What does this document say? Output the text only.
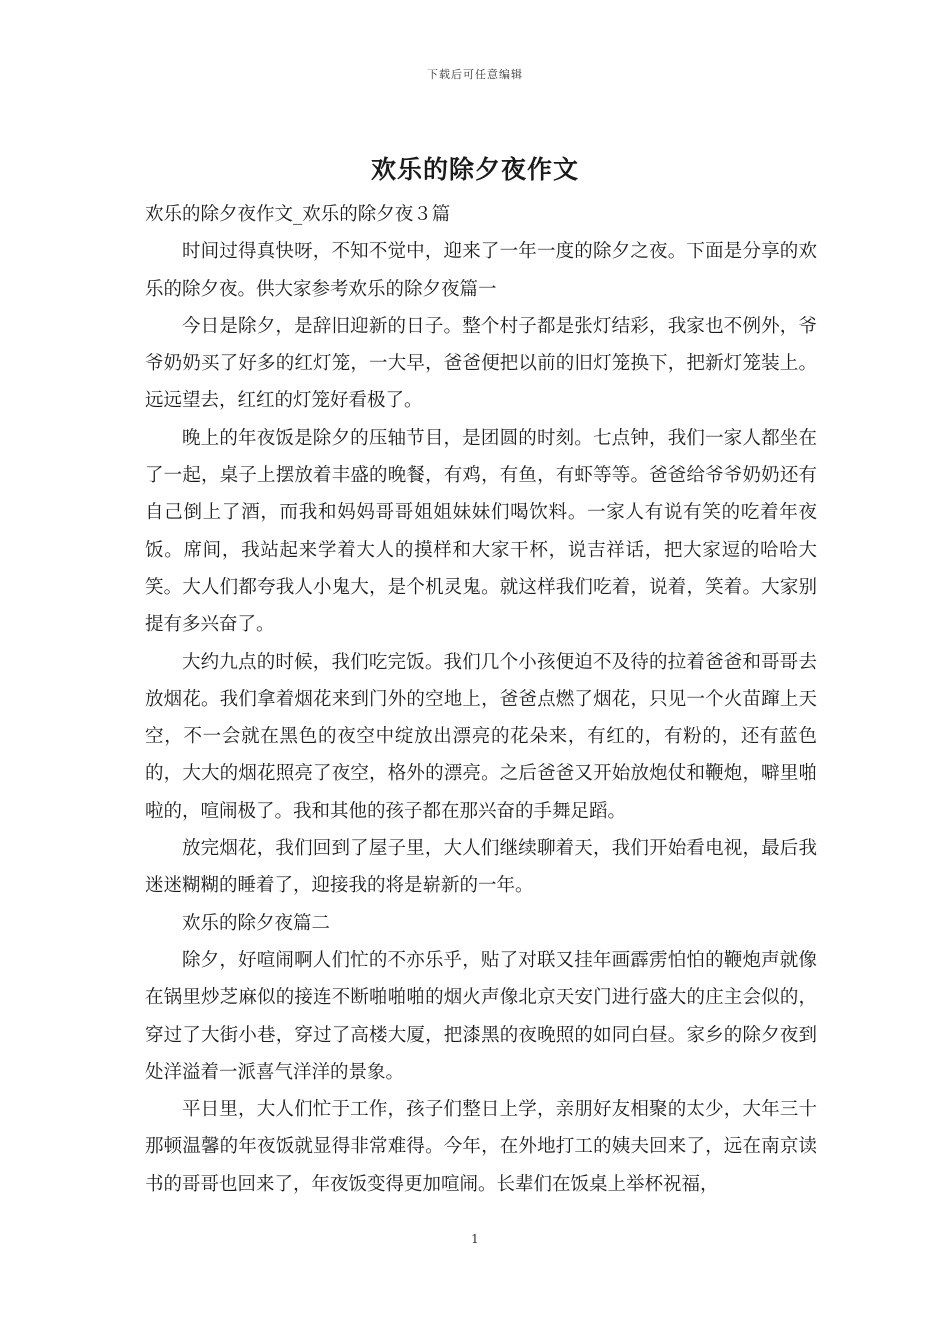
下载后可任意编辑
欢乐的除夕夜作文

欢乐的除夕夜作文_欢乐的除夕夜３篇

时间过得真快呀，不知不觉中，迎来了一年一度的除夕之夜。下面是分享的欢乐的除夕夜。供大家参考欢乐的除夕夜篇一

今日是除夕，是辞旧迎新的日子。整个村子都是张灯结彩，我家也不例外，爷爷奶奶买了好多的红灯笼，一大早，爸爸便把以前的旧灯笼换下，把新灯笼装上。远远望去，红红的灯笼好看极了。

晚上的年夜饭是除夕的压轴节目，是团圆的时刻。七点钟，我们一家人都坐在了一起，桌子上摆放着丰盛的晚餐，有鸡，有鱼，有虾等等。爸爸给爷爷奶奶还有自己倒上了酒，而我和妈妈哥哥姐姐妹妹们喝饮料。一家人有说有笑的吃着年夜饭。席间，我站起来学着大人的摸样和大家干杯，说吉祥话，把大家逗的哈哈大笑。大人们都夸我人小鬼大，是个机灵鬼。就这样我们吃着，说着，笑着。大家别提有多兴奋了。

大约九点的时候，我们吃完饭。我们几个小孩便迫不及待的拉着爸爸和哥哥去放烟花。我们拿着烟花来到门外的空地上，爸爸点燃了烟花，只见一个火苗蹿上天空，不一会就在黑色的夜空中绽放出漂亮的花朵来，有红的，有粉的，还有蓝色的，大大的烟花照亮了夜空，格外的漂亮。之后爸爸又开始放炮仗和鞭炮，噼里啪啦的，喧闹极了。我和其他的孩子都在那兴奋的手舞足蹈。

放完烟花，我们回到了屋子里，大人们继续聊着天，我们开始看电视，最后我迷迷糊糊的睡着了，迎接我的将是崭新的一年。

欢乐的除夕夜篇二

除夕，好喧闹啊人们忙的不亦乐乎，贴了对联又挂年画霹雳怕怕的鞭炮声就像在锅里炒芝麻似的接连不断啪啪啪的烟火声像北京天安门进行盛大的庄主会似的，穿过了大街小巷，穿过了高楼大厦，把漆黑的夜晚照的如同白昼。家乡的除夕夜到处洋溢着一派喜气洋洋的景象。

平日里，大人们忙于工作，孩子们整日上学，亲朋好友相聚的太少，大年三十那顿温馨的年夜饭就显得非常难得。今年，在外地打工的姨夫回来了，远在南京读书的哥哥也回来了，年夜饭变得更加喧闹。长辈们在饭桌上举杯祝福，

1
